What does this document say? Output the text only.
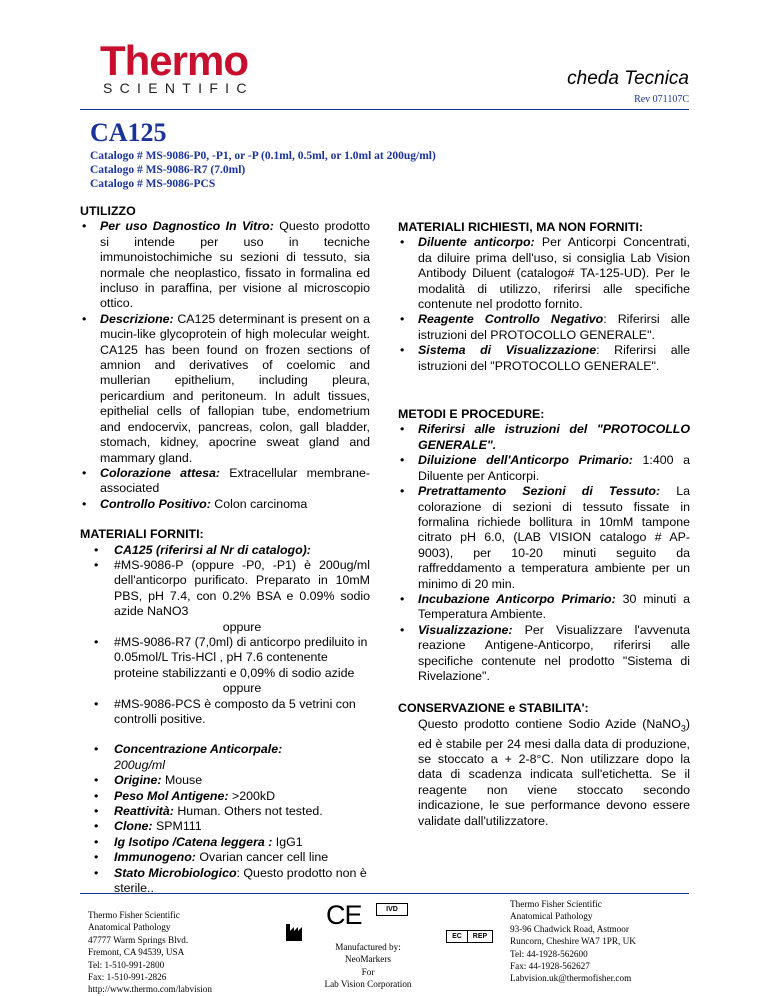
Thermo
SCIENTIFIC	cheda Tecnica
Rev 071107C
CA125
Catalogo # MS-9086-P0, -P1, or -P (0.1ml, 0.5ml, or 1.0ml at 200ug/ml)
Catalogo # MS-9086-R7 (7.0ml)
Catalogo # MS-9086-PCS
UTILIZZO
• Per uso Dagnostico In Vitro: Questo prodotto si intende per uso in tecniche immunoistochimiche su sezioni di tessuto, sia normale che neoplastico, fissato in formalina ed incluso in paraffina, per visione al microscopio ottico.
• Descrizione: CA125 determinant is present on a mucin-like glycoprotein of high molecular weight. CA125 has been found on frozen sections of amnion and derivatives of coelomic and mullerian epithelium, including pleura, pericardium and peritoneum. In adult tissues, epithelial cells of fallopian tube, endometrium and endocervix, pancreas, colon, gall bladder, stomach, kidney, apocrine sweat gland and mammary gland.
• Colorazione attesa: Extracellular membrane-associated
• Controllo Positivo: Colon carcinoma
MATERIALI FORNITI:
• CA125 (riferirsi al Nr di catalogo):
• #MS-9086-P (oppure -P0, -P1) è 200ug/ml dell'anticorpo purificato. Preparato in 10mM PBS, pH 7.4, con 0.2% BSA e 0.09% sodio azide NaNO3
oppure
• #MS-9086-R7 (7,0ml) di anticorpo prediluito in 0.05mol/L Tris-HCl , pH 7.6 contenente proteine stabilizzanti e 0,09% di sodio azide
oppure
• #MS-9086-PCS è composto da 5 vetrini con controlli positive.
• Concentrazione Anticorpale:
200ug/ml
• Origine: Mouse
• Peso Mol Antigene: >200kD
• Reattività: Human. Others not tested.
• Clone: SPM111
• Ig Isotipo /Catena leggera : IgG1
• Immunogeno: Ovarian cancer cell line
• Stato Microbiologico: Questo prodotto non è sterile..
MATERIALI RICHIESTI, MA NON FORNITI:
• Diluente anticorpo: Per Anticorpi Concentrati, da diluire prima dell'uso, si consiglia Lab Vision Antibody Diluent (catalogo# TA-125-UD). Per le modalità di utilizzo, riferirsi alle specifiche contenute nel prodotto fornito.
• Reagente Controllo Negativo: Riferirsi alle istruzioni del PROTOCOLLO GENERALE".
• Sistema di Visualizzazione: Riferirsi alle istruzioni del "PROTOCOLLO GENERALE".
METODI E PROCEDURE:
• Riferirsi alle istruzioni del "PROTOCOLLO GENERALE".
• Diluizione dell'Anticorpo Primario: 1:400 a Diluente per Anticorpi.
• Pretrattamento Sezioni di Tessuto: La colorazione di sezioni di tessuto fissate in formalina richiede bollitura in 10mM tampone citrato pH 6.0, (LAB VISION catalogo # AP-9003), per 10-20 minuti seguito da raffreddamento a temperatura ambiente per un minimo di 20 min.
• Incubazione Anticorpo Primario: 30 minuti a Temperatura Ambiente.
• Visualizzazione: Per Visualizzare l'avvenuta reazione Antigene-Anticorpo, riferirsi alle specifiche contenute nel prodotto "Sistema di Rivelazione".
CONSERVAZIONE e STABILITA':
Questo prodotto contiene Sodio Azide (NaNO$_3$) ed è stabile per 24 mesi dalla data di produzione, se stoccato a + 2-8°C. Non utilizzare dopo la data di scadenza indicata sull'etichetta. Se il reagente non viene stoccato secondo indicazione, le sue performance devono essere validate dall'utilizzatore.
Thermo Fisher Scientific
Anatomical Pathology
47777 Warm Springs Blvd.
Fremont, CA 94539, USA
Tel: 1-510-991-2800
Fax: 1-510-991-2826
http://www.thermo.com/labvision
CE	IVD
Manufactured by:
NeoMarkers
For
Lab Vision Corporation
EC	REP
Thermo Fisher Scientific
Anatomical Pathology
93-96 Chadwick Road, Astmoor
Runcorn, Cheshire WA7 1PR, UK
Tel: 44-1928-562600
Fax: 44-1928-562627
Labvision.uk@thermofisher.com
